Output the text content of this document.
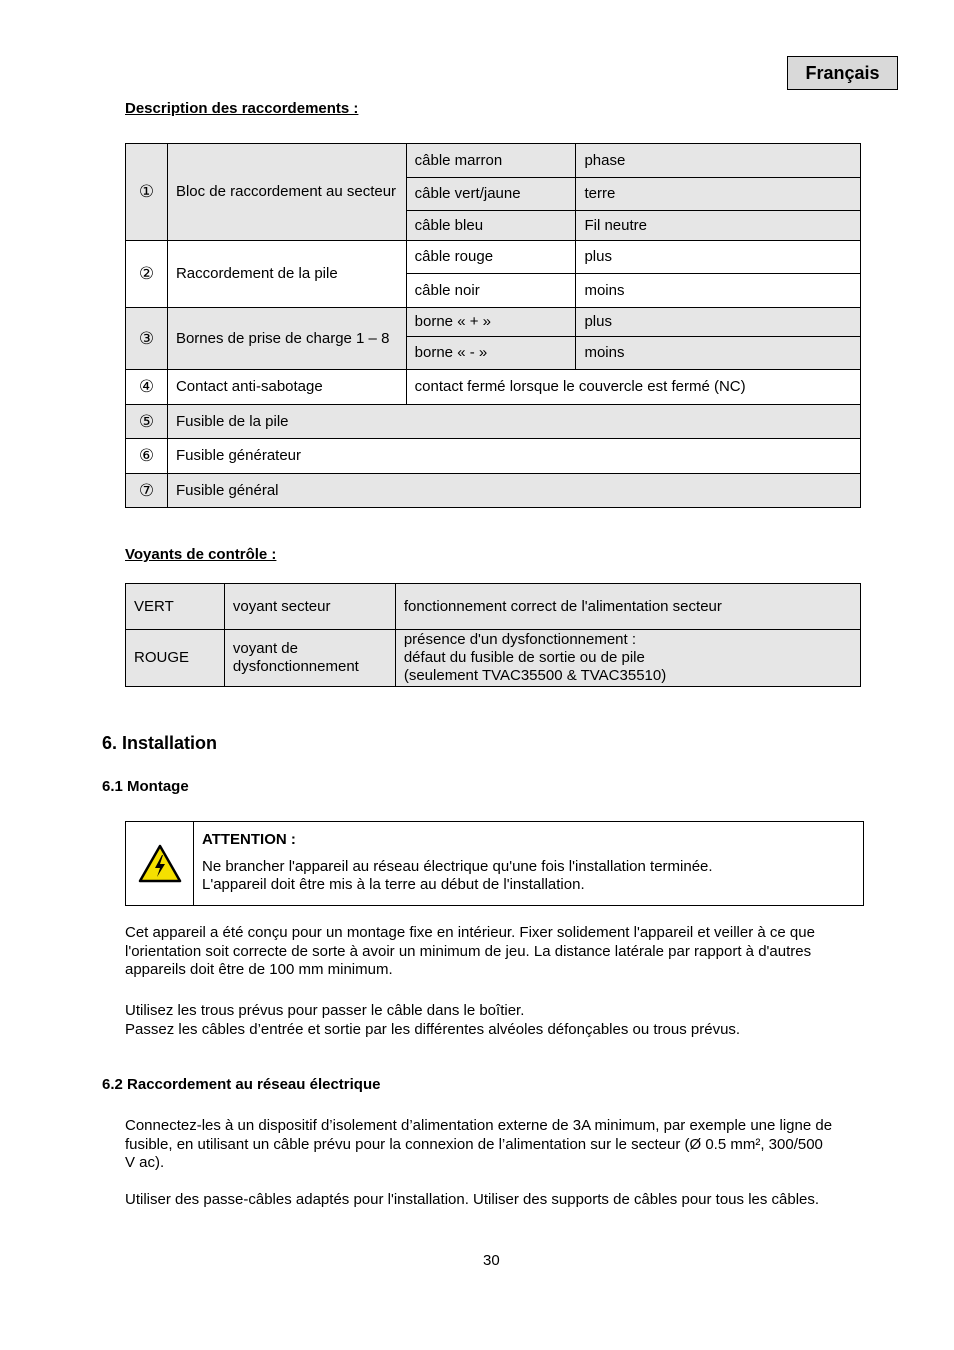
Français
Description des raccordements :
①	Bloc de raccordement au secteur	câble marron	phase
		câble vert/jaune	terre
		câble bleu	Fil neutre
②	Raccordement de la pile	câble rouge	plus
		câble noir	moins
③	Bornes de prise de charge 1 – 8	borne « + »	plus
		borne « - »	moins
④	Contact anti-sabotage	contact fermé lorsque le couvercle est fermé (NC)	
⑤	Fusible de la pile		
⑥	Fusible générateur		
⑦	Fusible général		
Voyants de contrôle :
VERT	voyant secteur	fonctionnement correct de l'alimentation secteur
ROUGE	voyant de dysfonctionnement	présence d'un dysfonctionnement :
défaut du fusible de sortie ou de pile
(seulement TVAC35500 & TVAC35510)
6. Installation
6.1 Montage
ATTENTION :
Ne brancher l'appareil au réseau électrique qu'une fois l'installation terminée.
L'appareil doit être mis à la terre au début de l'installation.
Cet appareil a été conçu pour un montage fixe en intérieur. Fixer solidement l'appareil et veiller à ce que
l'orientation soit correcte de sorte à avoir un minimum de jeu. La distance latérale par rapport à d'autres
appareils doit être de 100 mm minimum.
Utilisez les trous prévus pour passer le câble dans le boîtier.
Passez les câbles d’entrée et sortie par les différentes alvéoles défonçables ou trous prévus.
6.2 Raccordement au réseau électrique
Connectez-les à un dispositif d’isolement d’alimentation externe de 3A minimum, par exemple une ligne de
fusible, en utilisant un câble prévu pour la connexion de l’alimentation sur le secteur (Ø 0.5 mm², 300/500
V ac).
Utiliser des passe-câbles adaptés pour l'installation. Utiliser des supports de câbles pour tous les câbles.
30
